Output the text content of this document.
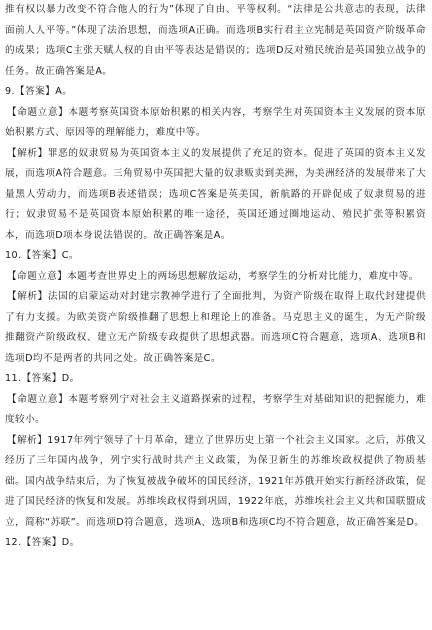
推有权以暴力改变不符合他人的行为”体现了自由、平等权利。“法律是公共意志的表现，法律面前人人平等。”体现了法治思想，而选项A正确。而选项B实行君主立宪制是英国资产阶级革命的成果；选项C主张天赋人权的自由平等表达是错误的；选项D反对殖民统治是英国独立战争的任务。故正确答案是A。

9.【答案】A。

【命题立意】本题考察英国资本原始积累的相关内容，考察学生对英国资本主义发展的资本原始积累方式、原因等的理解能力，难度中等。

【解析】罪恶的奴隶贸易为英国资本主义的发展提供了充足的资本。促进了英国的资本主义发展，而选项A符合题意。三角贸易中英国把大量的奴隶贩卖到美洲，为美洲经济的发展带来了大量黑人劳动力，而选项B表述错误；选项C答案是英美国，新航路的开辟促成了奴隶贸易的进行；奴隶贸易不是英国资本原始积累的唯一途径，英国还通过圈地运动、殖民扩张等积累资本，而选项D项本身说法错误的。故正确答案是A。

10.【答案】C。

【命题立意】本题考查世界史上的两场思想解放运动，考察学生的分析对比能力，难度中等。

【解析】法国的启蒙运动对封建宗教神学进行了全面批判，为资产阶级在取得上取代封建提供了有力支援。为欧美资产阶级推翻了思想上和理论上的准备。马克思主义的诞生，为无产阶级推翻资产阶级政权、建立无产阶级专政提供了思想武器。而选项C符合题意，选项A、选项B和选项D均不是两者的共同之处。故正确答案是C。

11.【答案】D。

【命题立意】本题考察列宁对社会主义道路探索的过程，考察学生对基础知识的把握能力，难度较小。

【解析】1917年列宁领导了十月革命，建立了世界历史上第一个社会主义国家。之后，苏俄又经历了三年国内战争，列宁实行战时共产主义政策，为保卫新生的苏维埃政权提供了物质基础。国内战争结束后，为了恢复被战争破坏的国民经济，1921年苏俄开始实行新经济政策，促进了国民经济的恢复和发展。苏维埃政权得到巩固，1922年底，苏维埃社会主义共和国联盟成立，简称“苏联”。而选项D符合题意，选项A、选项B和选项C均不符合题意，故正确答案是D。

12.【答案】D。
